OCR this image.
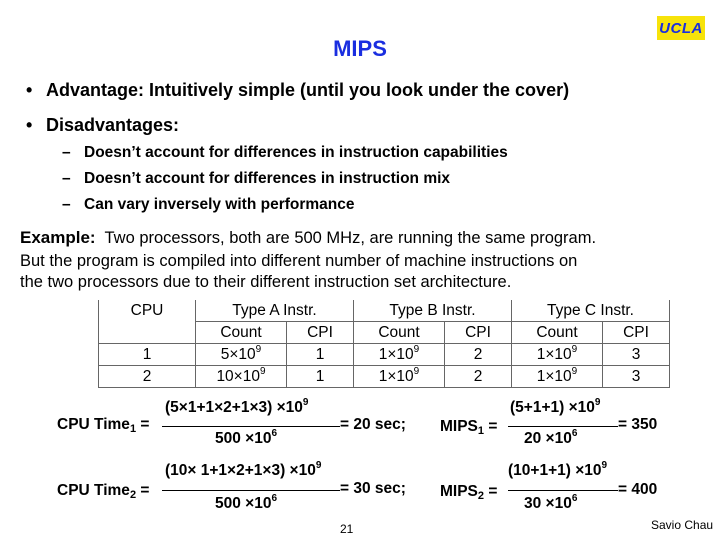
UCLA
MIPS
• Advantage: Intuitively simple (until you look under the cover)
• Disadvantages:
– Doesn’t account for differences in instruction capabilities
– Doesn’t account for differences in instruction mix
– Can vary inversely with performance
Example: Two processors, both are 500 MHz, are running the same program.
But the program is compiled into different number of machine instructions on
the two processors due to their different instruction set architecture.
CPU	Type A Instr.		Type B Instr.		Type C Instr.	
	Count	CPI	Count	CPI	Count	CPI
1	$5\times 10^9$	1	$1\times 10^9$	2	$1\times 10^9$	3
2	$10\times 10^9$	1	$1\times 10^9$	2	$1\times 10^9$	3
CPU Time$_1$ =
$(5\times 1+1\times 2+1\times 3) \times 10^9$
$500 \times 10^6$
= 20 sec; $MIPS_1$ =
$(5+1+1) \times 10^9$
$20 \times 10^6$
= 350
CPU Time$_2$ =
$(10\times 1+1\times 2+1\times 3) \times 10^9$
$500 \times 10^6$
= 30 sec; $MIPS_2$ =
$(10+1+1) \times 10^9$
$30 \times 10^6$
= 400
21	Savio Chau
